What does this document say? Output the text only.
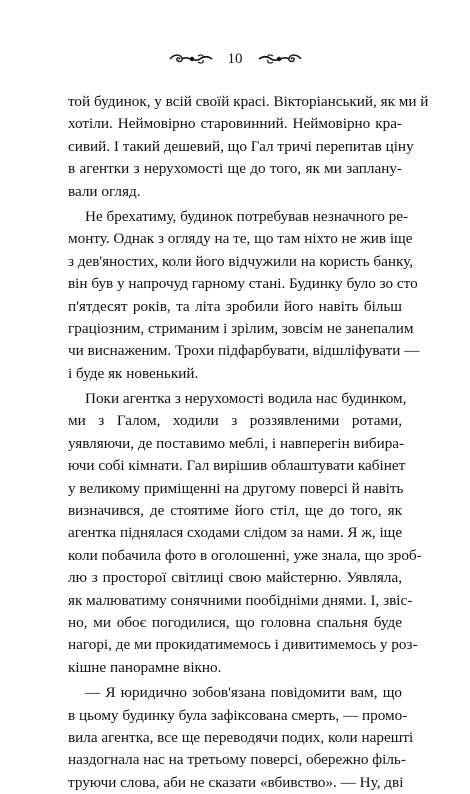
10
той будинок, у всій своїй красі. Вікторіанський, як ми й
хотіли. Неймовірно старовинний. Неймовірно кра-
сивий. І такий дешевий, що Гал тричі перепитав ціну
в агентки з нерухомості ще до того, як ми заплану-
вали огляд.
Не брехатиму, будинок потребував незначного ре-
монту. Однак з огляду на те, що там ніхто не жив іще
з дев'яностих, коли його відчужили на користь банку,
він був у напрочуд гарному стані. Будинку було зо сто
п'ятдесят років, та літа зробили його навіть більш
граціозним, стриманим і зрілим, зовсім не занепалим
чи виснаженим. Трохи підфарбувати, відшліфувати —
і буде як новенький.
Поки агентка з нерухомості водила нас будинком,
ми з Галом, ходили з роззявленими ротами,
уявляючи, де поставимо меблі, і навперегін вибира-
ючи собі кімнати. Гал вирішив облаштувати кабінет
у великому приміщенні на другому поверсі й навіть
визначився, де стоятиме його стіл, ще до того, як
агентка піднялася сходами слідом за нами. Я ж, іще
коли побачила фото в оголошенні, уже знала, що зроб-
лю з просторої світлиці свою майстерню. Уявляла,
як малюватиму сонячними пообідніми днями. І, звіс-
но, ми обоє погодилися, що головна спальня буде
нагорі, де ми прокидатимемось і дивитимемось у роз-
кішне панорамне вікно.
— Я юридично зобов'язана повідомити вам, що
в цьому будинку була зафіксована смерть, — промо-
вила агентка, все ще переводячи подих, коли нарешті
наздогнала нас на третьому поверсі, обережно філь-
труючи слова, аби не сказати «вбивство». — Ну, дві
